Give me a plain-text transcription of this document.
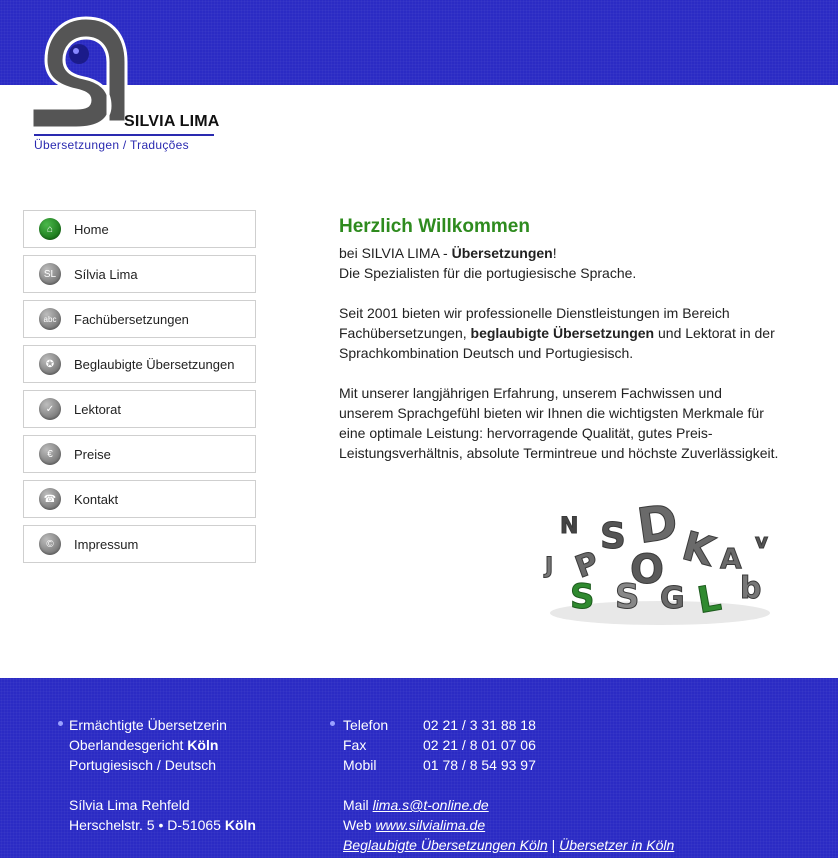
SILVIA LIMA
Übersetzungen / Traduções
⌂	Home
SL	Sílvia Lima
abc	Fachübersetzungen
✪	Beglaubigte Übersetzungen
✓	Lektorat
€	Preise
☎	Kontakt
©	Impressum
Herzlich Willkommen

bei SILVIA LIMA - Übersetzungen!
Die Spezialisten für die portugiesische Sprache.

Seit 2001 bieten wir professionelle Dienstleistungen im Bereich Fachübersetzungen, beglaubigte Übersetzungen und Lektorat in der Sprachkombination Deutsch und Portugiesisch.

Mit unserer langjährigen Erfahrung, unserem Fachwissen und unserem Sprachgefühl bieten wir Ihnen die wichtigsten Merkmale für eine optimale Leistung: hervorragende Qualität, gutes Preis-Leistungsverhältnis, absolute Termintreue und höchste Zuverlässigkeit.

D
S
N K
O
P	A
b
S G
S	L
v
J
Ermächtigte Übersetzerin
Oberlandesgericht Köln
Portugiesisch / Deutsch
Sílvia Lima Rehfeld
Herschelstr. 5 • D-51065 Köln
Telefon	02 21 / 3 31 88 18
Fax	02 21 / 8 01 07 06
Mobil	01 78 / 8 54 93 97
Mail lima.s@t-online.de
Web www.silvialima.de
Beglaubigte Übersetzungen Köln | Übersetzer in Köln
